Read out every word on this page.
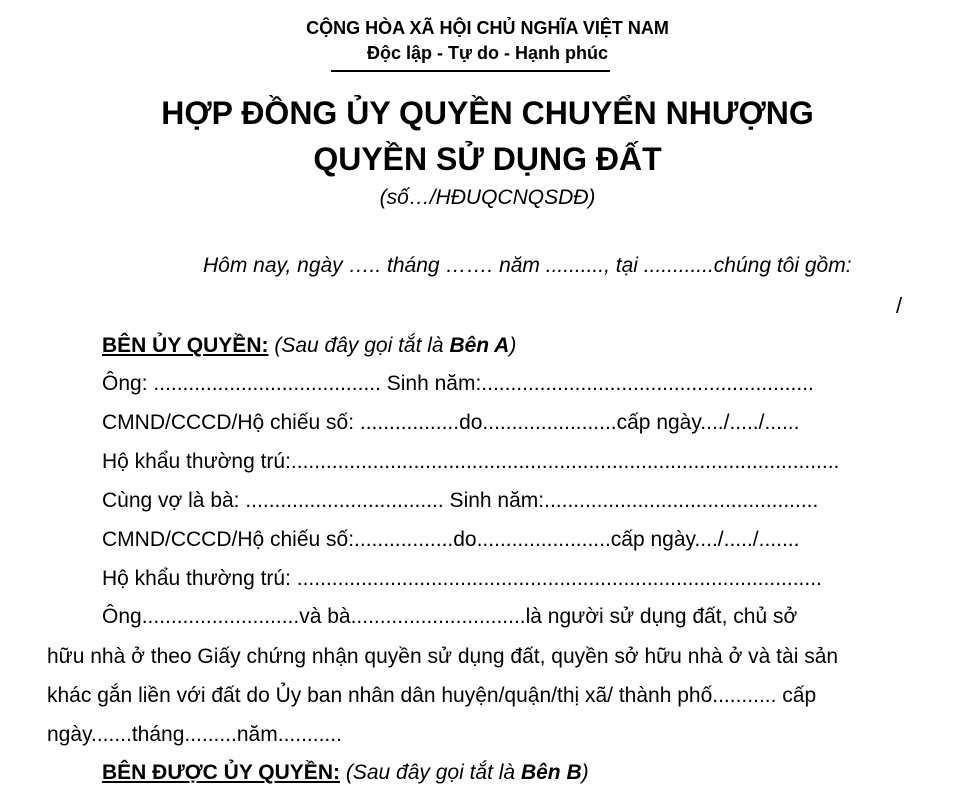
CỘNG HÒA XÃ HỘI CHỦ NGHĨA VIỆT NAM
Độc lập - Tự do - Hạnh phúc
HỢP ĐỒNG ỦY QUYỀN CHUYỂN NHƯỢNG
QUYỀN SỬ DỤNG ĐẤT
(số…/HĐUQCNQSDĐ)
Hôm nay, ngày ….. tháng ……. năm .........., tại ............chúng tôi gồm:
/
BÊN ỦY QUYỀN: (Sau đây gọi tắt là Bên A)
Ông: ....................................... Sinh năm:.........................................................
CMND/CCCD/Hộ chiếu số: .................do.......................cấp ngày..../...../......
Hộ khẩu thường trú:..............................................................................................
Cùng vợ là bà: .................................. Sinh năm:...............................................
CMND/CCCD/Hộ chiếu số:.................do.......................cấp ngày..../...../.......
Hộ khẩu thường trú: ..........................................................................................
Ông...........................và bà..............................là người sử dụng đất, chủ sở
hữu nhà ở theo Giấy chứng nhận quyền sử dụng đất, quyền sở hữu nhà ở và tài sản
khác gắn liền với đất do Ủy ban nhân dân huyện/quận/thị xã/ thành phố........... cấp
ngày.......tháng.........năm...........
BÊN ĐƯỢC ỦY QUYỀN: (Sau đây gọi tắt là Bên B)
